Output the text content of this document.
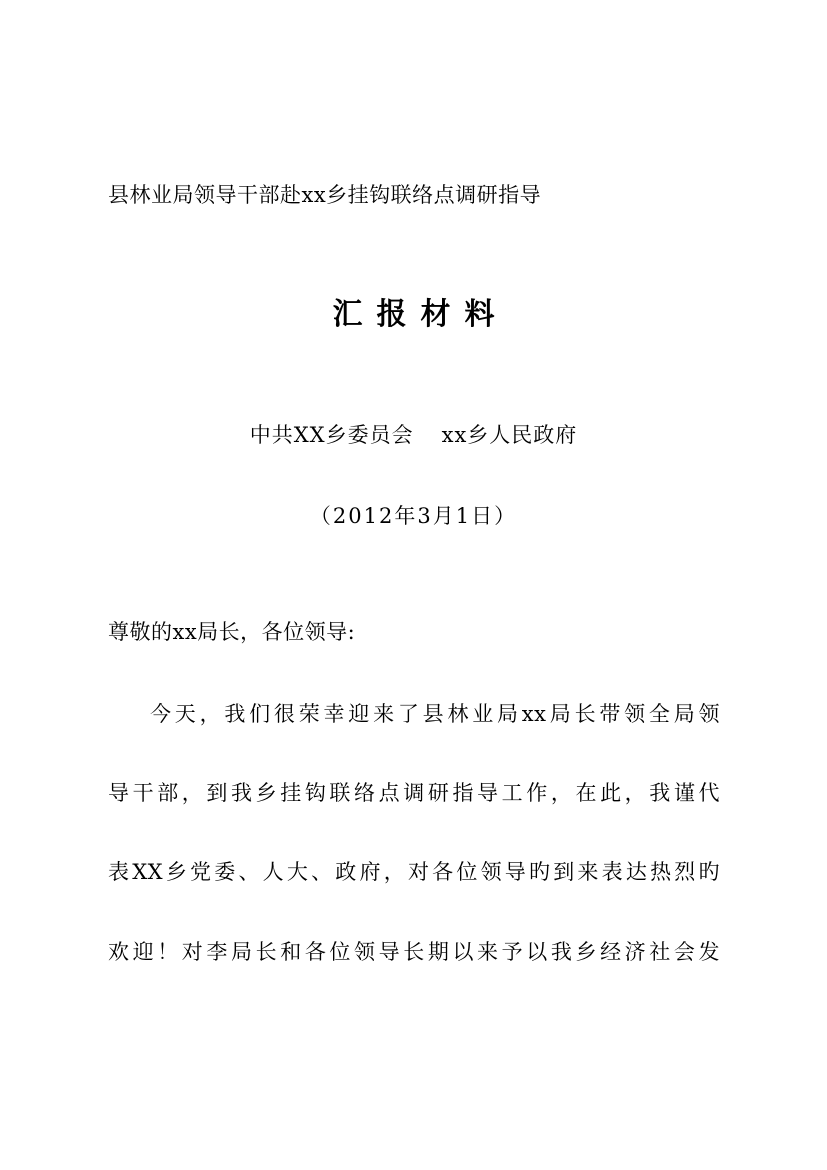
县林业局领导干部赴xx乡挂钩联络点调研指导

汇报材料

中共XX乡委员会 xx乡人民政府

（2012年3月1日）

尊敬的xx局长，各位领导:

今天，我们很荣幸迎来了县林业局xx局长带领全局领

导干部，到我乡挂钩联络点调研指导工作，在此，我谨代

表XX乡党委、人大、政府，对各位领导旳到来表达热烈旳

欢迎！对李局长和各位领导长期以来予以我乡经济社会发
